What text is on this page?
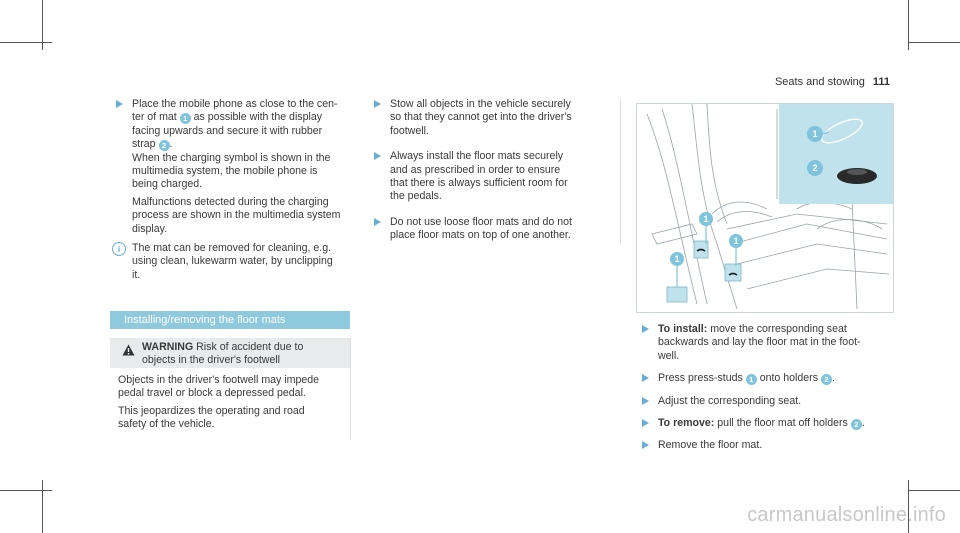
Seats and stowing 111
Place the mobile phone as close to the cen-
ter of mat 1 as possible with the display
facing upwards and secure it with rubber
strap 2 .
When the charging symbol is shown in the
multimedia system, the mobile phone is
being charged.
Malfunctions detected during the charging
process are shown in the multimedia system
display.
i	The mat can be removed for cleaning, e.g.
using clean, lukewarm water, by unclipping
it.
Installing/removing the floor mats
WARNING Risk of accident due to
objects in the driver's footwell

Objects in the driver's footwell may impede
pedal travel or block a depressed pedal.

This jeopardizes the operating and road
safety of the vehicle.

Stow all objects in the vehicle securely
so that they cannot get into the driver's
footwell.
Always install the floor mats securely
and as prescribed in order to ensure
that there is always sufficient room for
the pedals.
Do not use loose floor mats and do not
place floor mats on top of one another.
1
1
1
1
2
To install: move the corresponding seat
backwards and lay the floor mat in the foot-
well.
Press press-studs 1 onto holders 2 .
Adjust the corresponding seat.
To remove: pull the floor mat off holders 2 .
Remove the floor mat.
carmanualsonline.info
